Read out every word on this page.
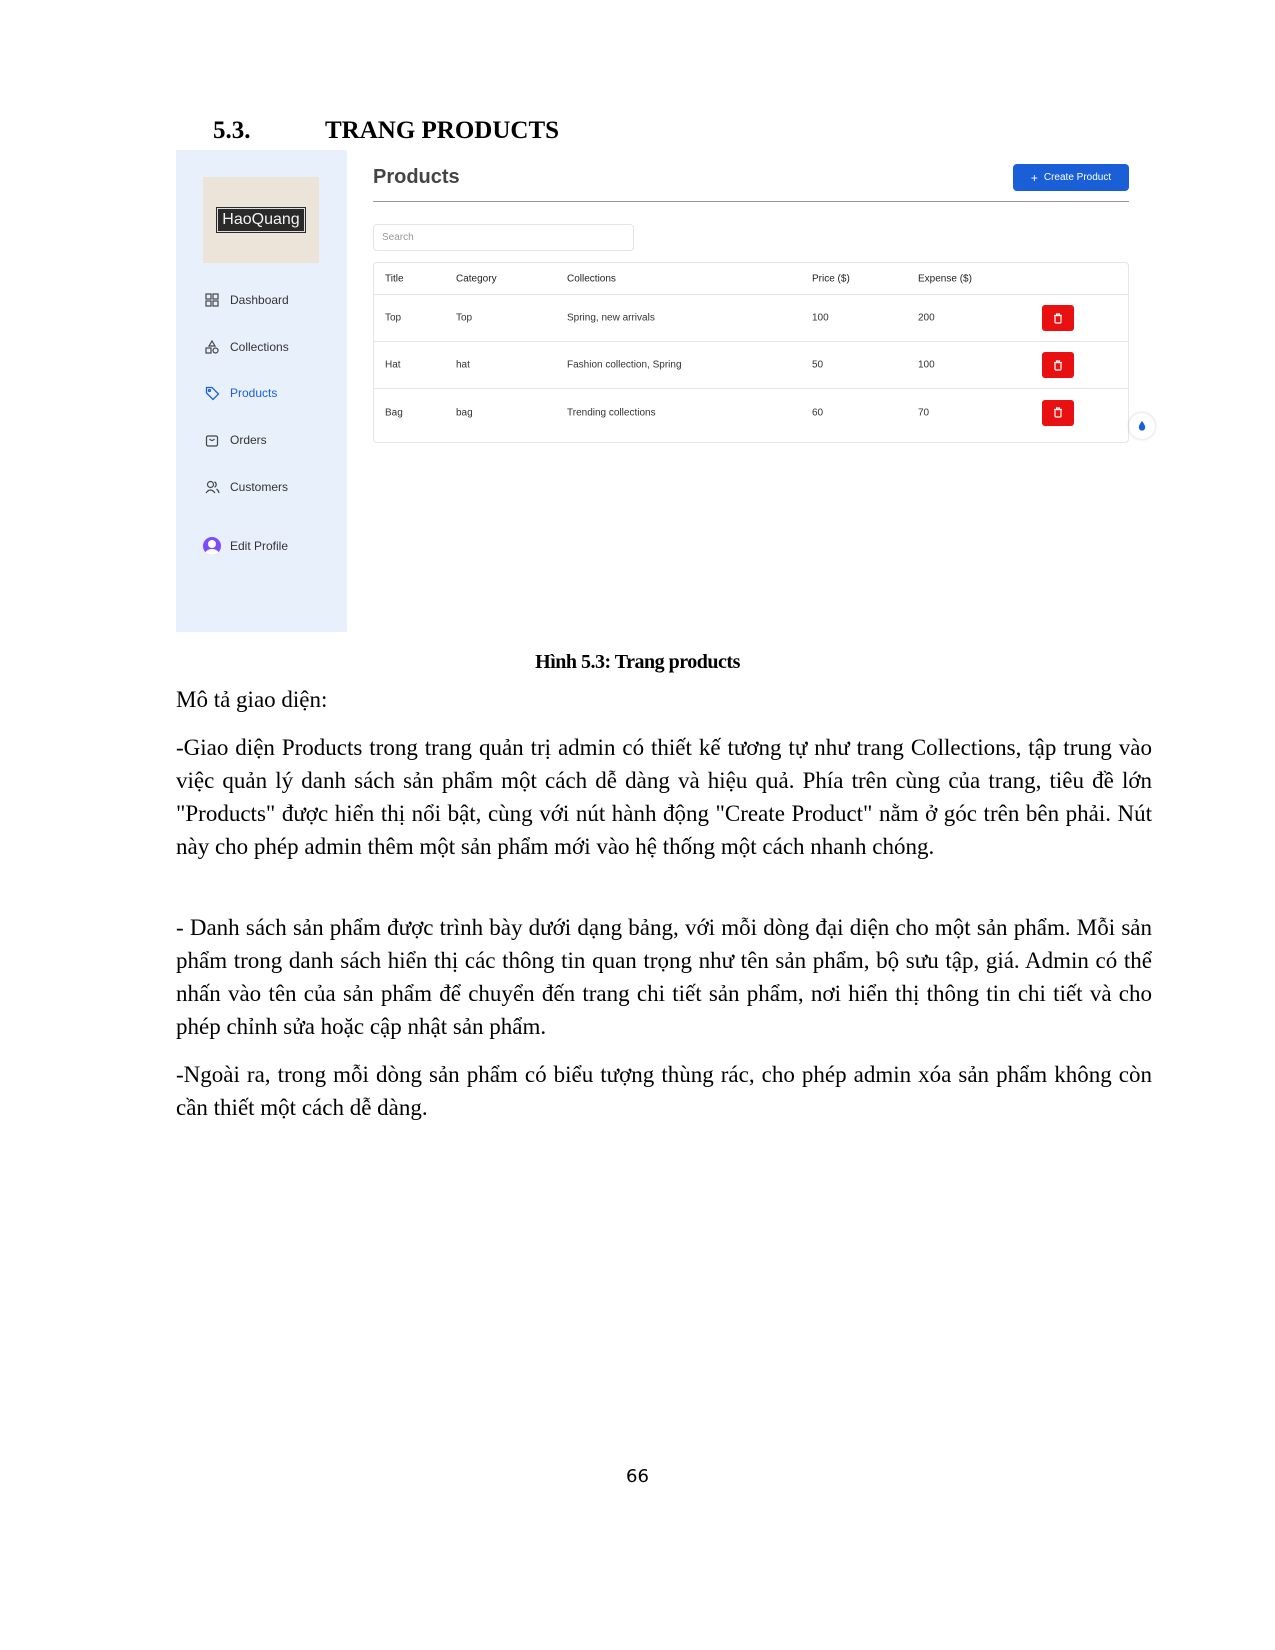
5.3.	TRANG PRODUCTS
HaoQuang
Dashboard
Collections
Products
Orders
Customers
Edit Profile
Products	+ Create Product
Search
Title	Category	Collections	Price ($)	Expense ($)
Top	Top	Spring, new arrivals	100	200
Hat	hat	Fashion collection, Spring	50	100
Bag	bag	Trending collections	60	70
Hình 5.3: Trang products
Mô tả giao diện:
-Giao diện Products trong trang quản trị admin có thiết kế tương tự như trang Collections, tập trung vào việc quản lý danh sách sản phẩm một cách dễ dàng và hiệu quả. Phía trên cùng của trang, tiêu đề lớn "Products" được hiển thị nổi bật, cùng với nút hành động "Create Product" nằm ở góc trên bên phải. Nút này cho phép admin thêm một sản phẩm mới vào hệ thống một cách nhanh chóng.
- Danh sách sản phẩm được trình bày dưới dạng bảng, với mỗi dòng đại diện cho một sản phẩm. Mỗi sản phẩm trong danh sách hiển thị các thông tin quan trọng như tên sản phẩm, bộ sưu tập, giá. Admin có thể nhấn vào tên của sản phẩm để chuyển đến trang chi tiết sản phẩm, nơi hiển thị thông tin chi tiết và cho phép chỉnh sửa hoặc cập nhật sản phẩm.
-Ngoài ra, trong mỗi dòng sản phẩm có biểu tượng thùng rác, cho phép admin xóa sản phẩm không còn cần thiết một cách dễ dàng.
66
